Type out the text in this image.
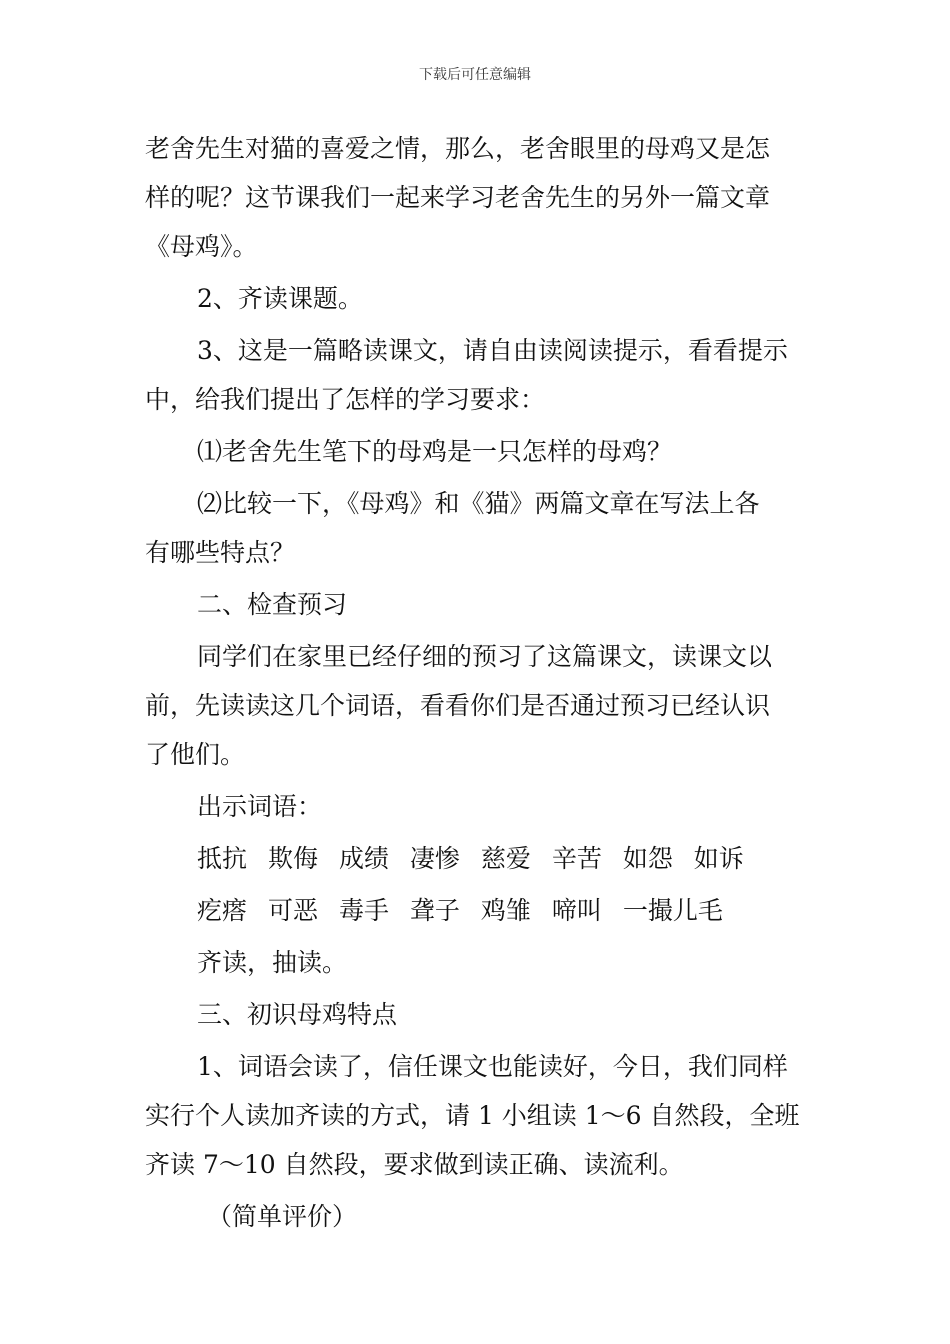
下载后可任意编辑
老舍先生对猫的喜爱之情，那么，老舍眼里的母鸡又是怎
样的呢？这节课我们一起来学习老舍先生的另外一篇文章
《母鸡》。
2、齐读课题。
3、这是一篇略读课文，请自由读阅读提示，看看提示
中，给我们提出了怎样的学习要求：
⑴老舍先生笔下的母鸡是一只怎样的母鸡？
⑵比较一下，《母鸡》和《猫》两篇文章在写法上各
有哪些特点？
二、检查预习
同学们在家里已经仔细的预习了这篇课文，读课文以
前，先读读这几个词语，看看你们是否通过预习已经认识
了他们。
出示词语：
抵抗 欺侮 成绩 凄惨 慈爱 辛苦 如怨 如诉
疙瘩 可恶 毒手 聋子 鸡雏 啼叫 一撮儿毛
齐读，抽读。
三、初识母鸡特点
1、词语会读了，信任课文也能读好，今日，我们同样
实行个人读加齐读的方式，请 1 小组读 1～6 自然段，全班
齐读 7～10 自然段，要求做到读正确、读流利。
（简单评价）
